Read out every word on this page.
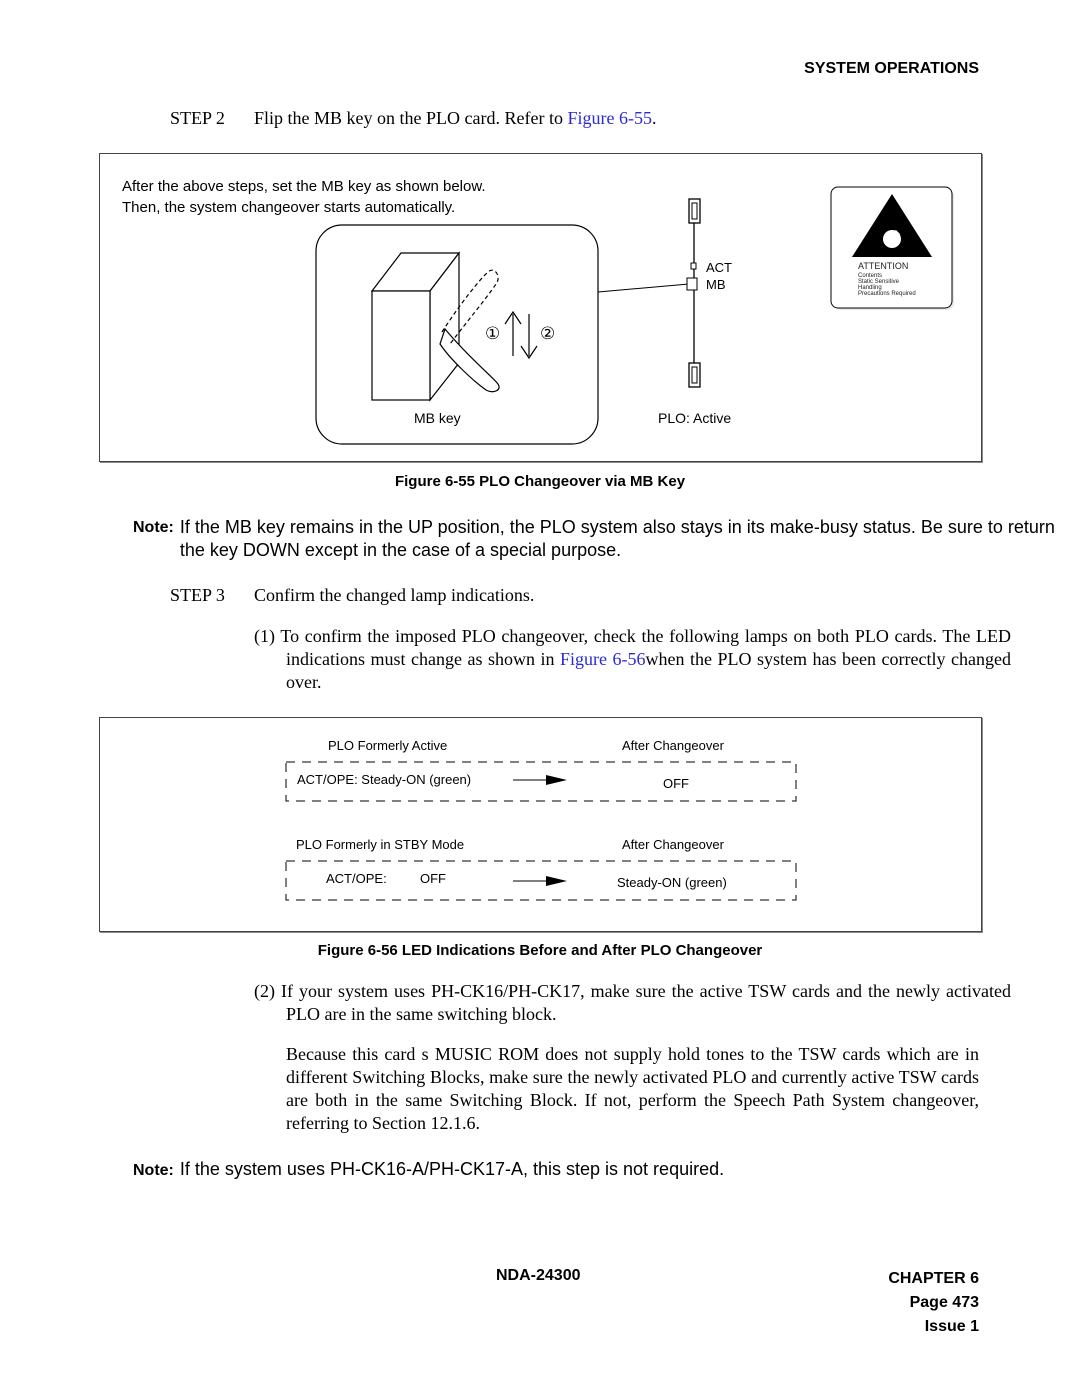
SYSTEM OPERATIONS
STEP 2 Flip the MB key on the PLO card. Refer to Figure 6-55.
After the above steps, set the MB key as shown below.
Then, the system changeover starts automatically.
ACT
MB
① ②
MB key	PLO: Active
ATTENTION
Contents
Static Sensitive
Handling
Precautions Required
Figure 6-55 PLO Changeover via MB Key
Note: If the MB key remains in the UP position, the PLO system also stays in its make-busy status. Be sure to return the key DOWN except in the case of a special purpose.
STEP 3 Confirm the changed lamp indications.
(1) To confirm the imposed PLO changeover, check the following lamps on both PLO cards. The LED indications must change as shown in Figure 6-56when the PLO system has been correctly changed over.
PLO Formerly Active	After Changeover
ACT/OPE: Steady-ON (green)	OFF
PLO Formerly in STBY Mode	After Changeover
ACT/OPE:	OFF	Steady-ON (green)
Figure 6-56 LED Indications Before and After PLO Changeover
(2) If your system uses PH-CK16/PH-CK17, make sure the active TSW cards and the newly activated PLO are in the same switching block.
Because this card s MUSIC ROM does not supply hold tones to the TSW cards which are in different Switching Blocks, make sure the newly activated PLO and currently active TSW cards are both in the same Switching Block. If not, perform the Speech Path System changeover, referring to Section 12.1.6.
Note: If the system uses PH-CK16-A/PH-CK17-A, this step is not required.
NDA-24300	CHAPTER 6
Page 473
Issue 1
